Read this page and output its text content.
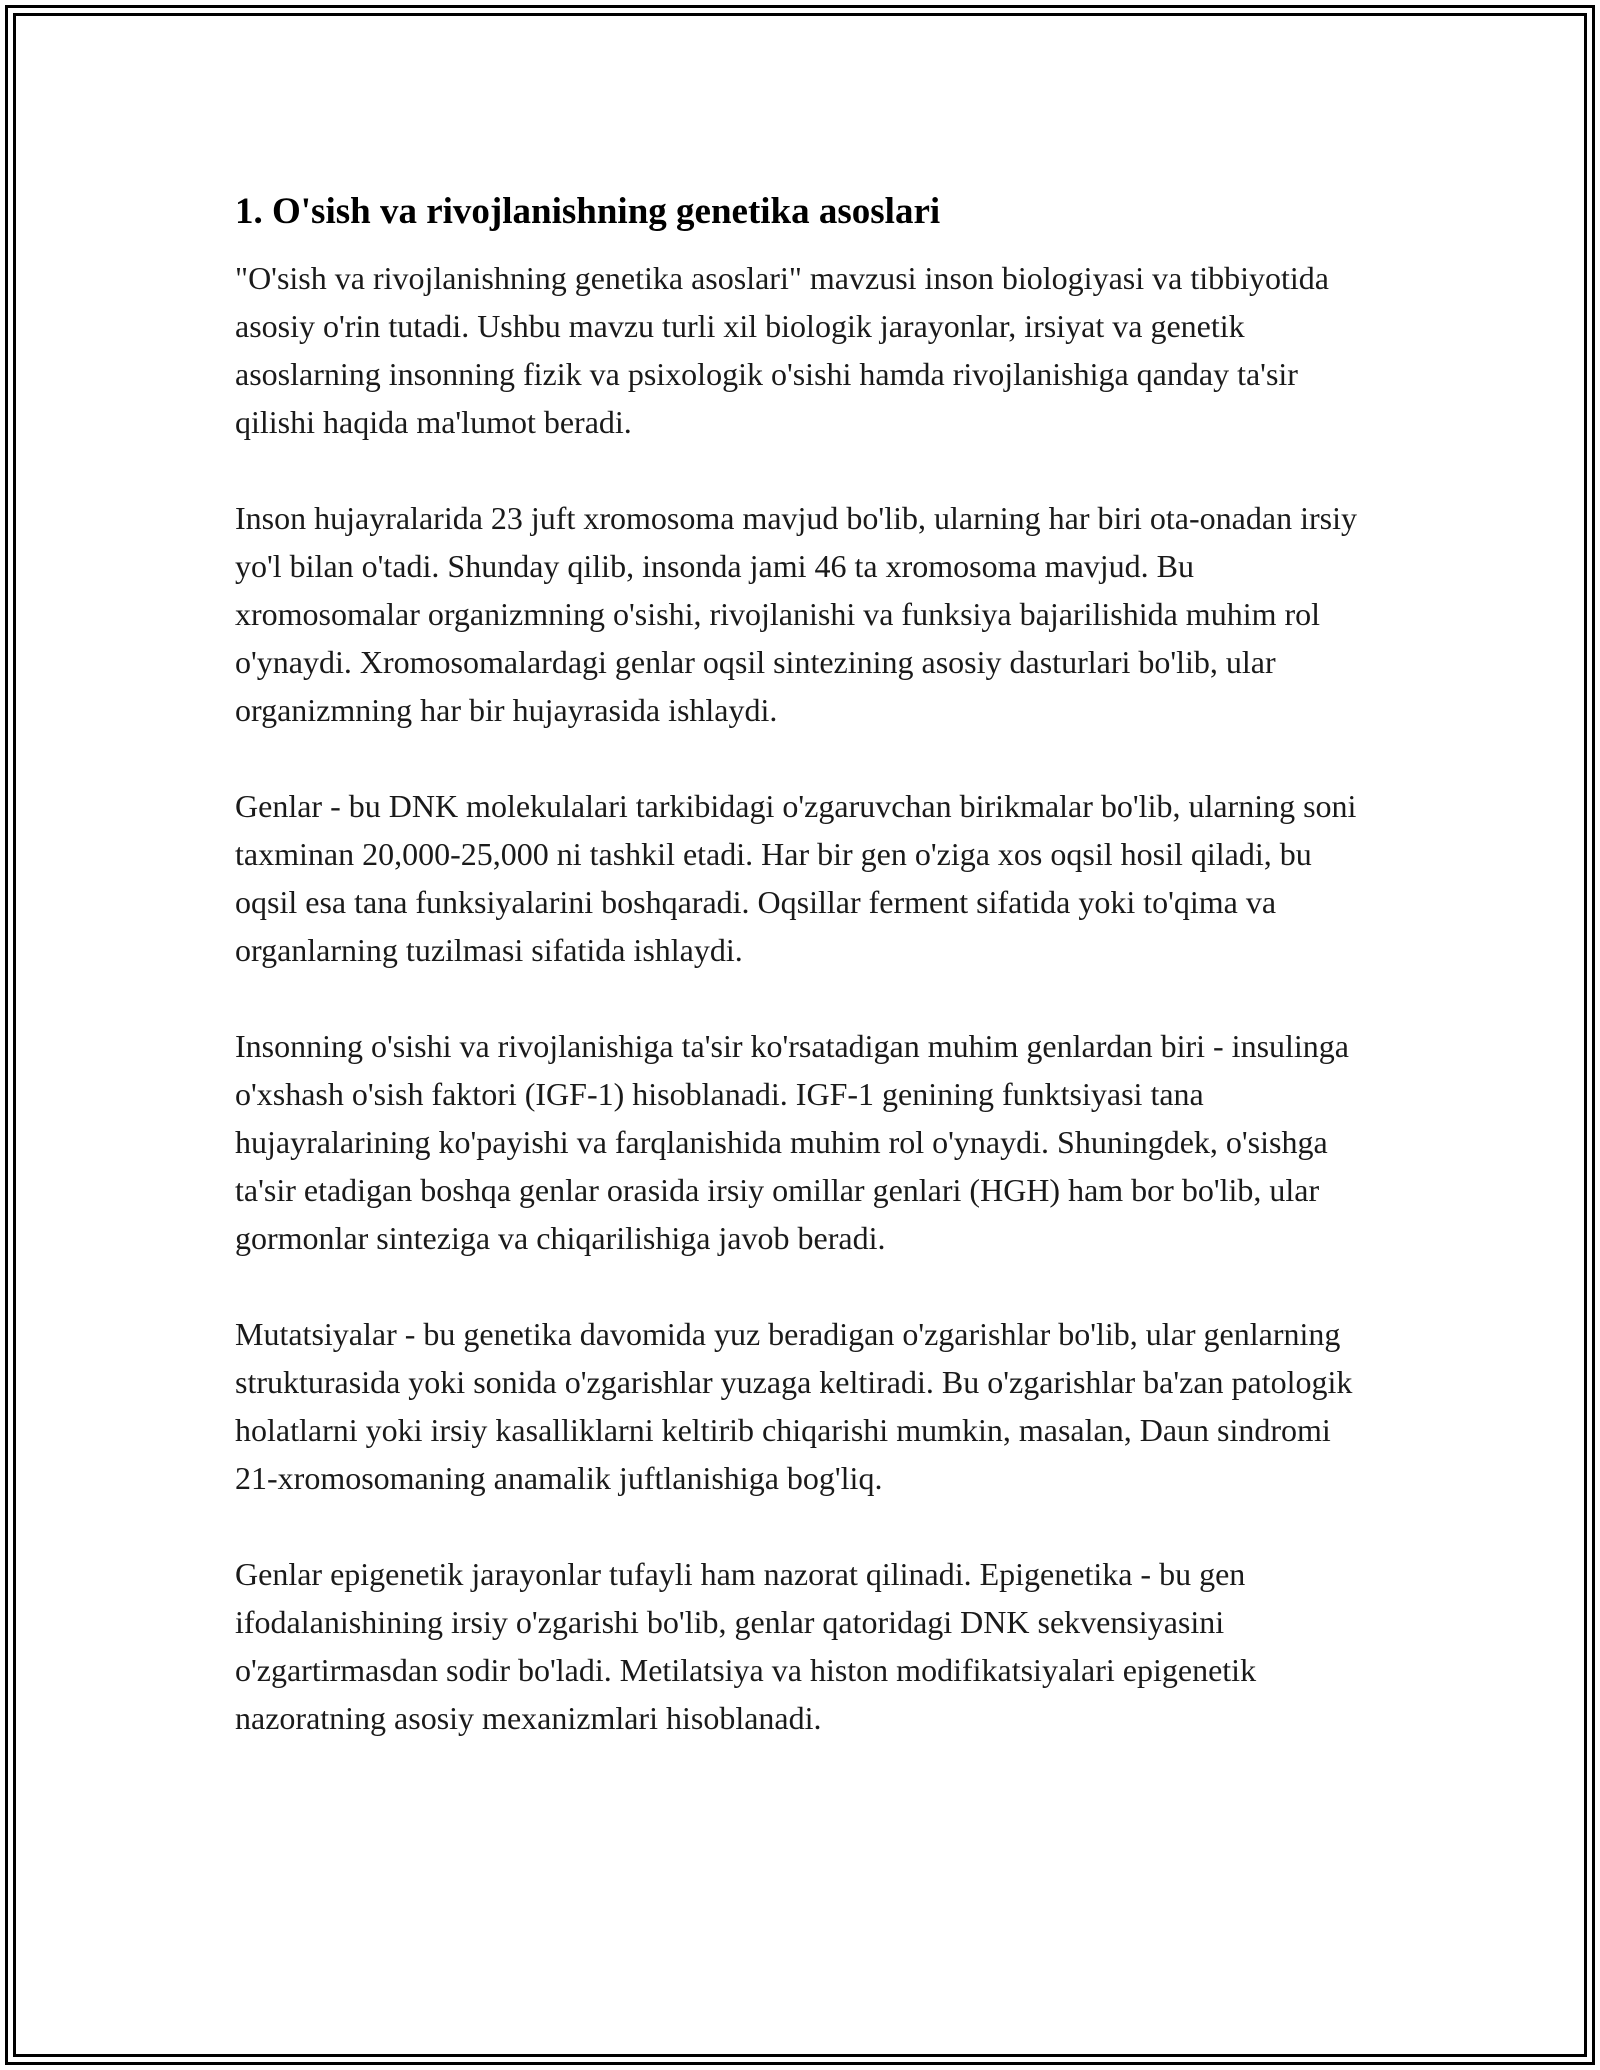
1. O'sish va rivojlanishning genetika asoslari

"O'sish va rivojlanishning genetika asoslari" mavzusi inson biologiyasi va tibbiyotida asosiy o'rin tutadi. Ushbu mavzu turli xil biologik jarayonlar, irsiyat va genetik asoslarning insonning fizik va psixologik o'sishi hamda rivojlanishiga qanday ta'sir qilishi haqida ma'lumot beradi.

Inson hujayralarida 23 juft xromosoma mavjud bo'lib, ularning har biri ota-onadan irsiy yo'l bilan o'tadi. Shunday qilib, insonda jami 46 ta xromosoma mavjud. Bu xromosomalar organizmning o'sishi, rivojlanishi va funksiya bajarilishida muhim rol o'ynaydi. Xromosomalardagi genlar oqsil sintezining asosiy dasturlari bo'lib, ular organizmning har bir hujayrasida ishlaydi.

Genlar - bu DNK molekulalari tarkibidagi o'zgaruvchan birikmalar bo'lib, ularning soni taxminan 20,000-25,000 ni tashkil etadi. Har bir gen o'ziga xos oqsil hosil qiladi, bu oqsil esa tana funksiyalarini boshqaradi. Oqsillar ferment sifatida yoki to'qima va organlarning tuzilmasi sifatida ishlaydi.

Insonning o'sishi va rivojlanishiga ta'sir ko'rsatadigan muhim genlardan biri - insulinga o'xshash o'sish faktori (IGF-1) hisoblanadi. IGF-1 genining funktsiyasi tana hujayralarining ko'payishi va farqlanishida muhim rol o'ynaydi. Shuningdek, o'sishga ta'sir etadigan boshqa genlar orasida irsiy omillar genlari (HGH) ham bor bo'lib, ular gormonlar sinteziga va chiqarilishiga javob beradi.

Mutatsiyalar - bu genetika davomida yuz beradigan o'zgarishlar bo'lib, ular genlarning strukturasida yoki sonida o'zgarishlar yuzaga keltiradi. Bu o'zgarishlar ba'zan patologik holatlarni yoki irsiy kasalliklarni keltirib chiqarishi mumkin, masalan, Daun sindromi 21-xromosomaning anamalik juftlanishiga bog'liq.

Genlar epigenetik jarayonlar tufayli ham nazorat qilinadi. Epigenetika - bu gen ifodalanishining irsiy o'zgarishi bo'lib, genlar qatoridagi DNK sekvensiyasini o'zgartirmasdan sodir bo'ladi. Metilatsiya va histon modifikatsiyalari epigenetik nazoratning asosiy mexanizmlari hisoblanadi.
